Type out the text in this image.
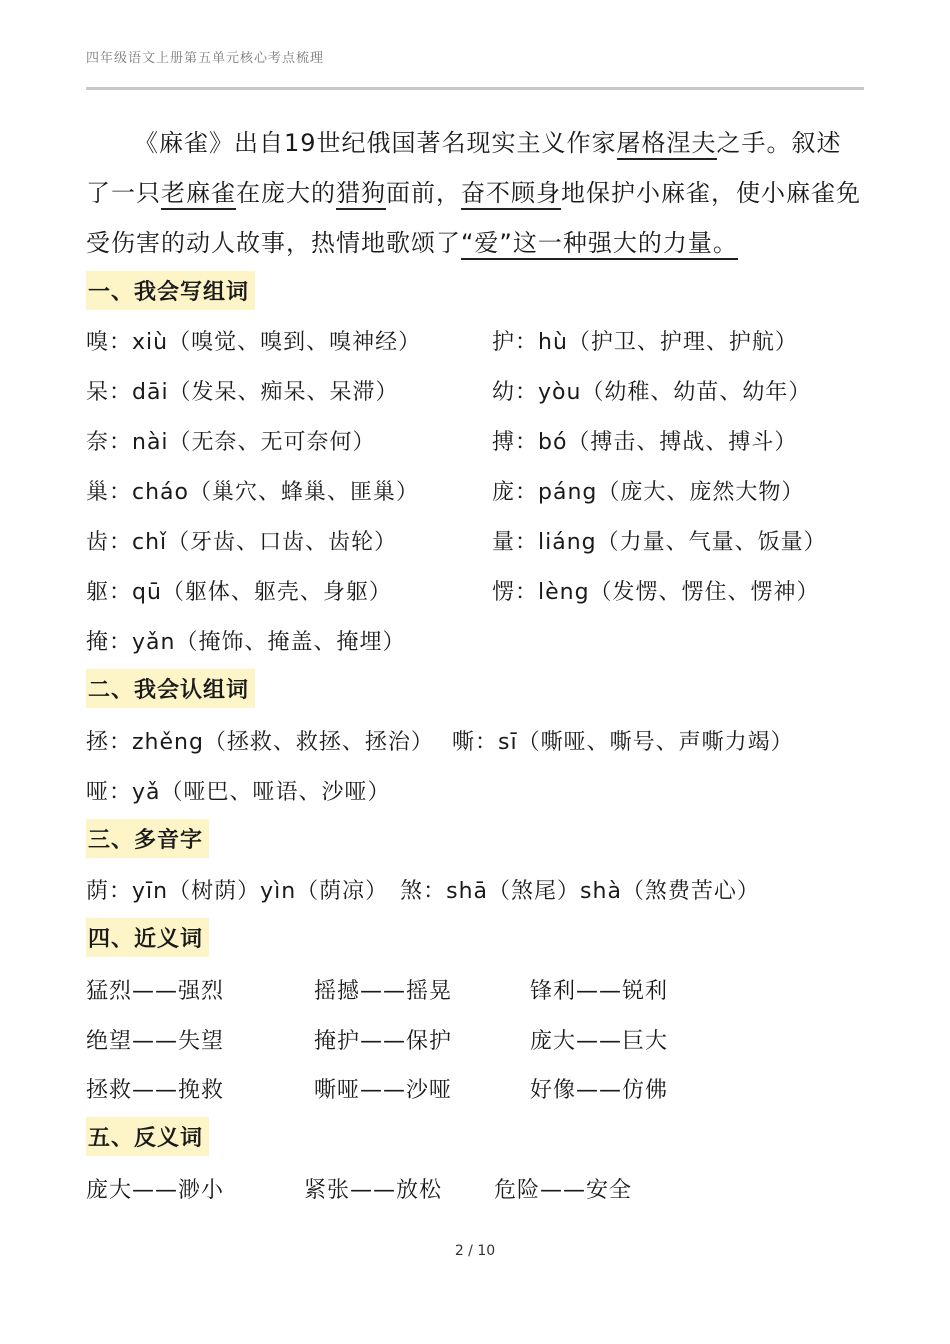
四年级语文上册第五单元核心考点梳理

《麻雀》出自19世纪俄国著名现实主义作家屠格涅夫之手。叙述了一只老麻雀在庞大的猎狗面前，奋不顾身地保护小麻雀，使小麻雀免受伤害的动人故事，热情地歌颂了“爱”这一种强大的力量。

一、我会写组词
嗅：xiù（嗅觉、嗅到、嗅神经）	护：hù（护卫、护理、护航）
呆：dāi（发呆、痴呆、呆滞）	幼：yòu（幼稚、幼苗、幼年）
奈：nài（无奈、无可奈何）	搏：bó（搏击、搏战、搏斗）
巢：cháo（巢穴、蜂巢、匪巢）	庞：páng（庞大、庞然大物）
齿：chǐ（牙齿、口齿、齿轮）	量：liáng（力量、气量、饭量）
躯：qū（躯体、躯壳、身躯）	愣：lèng（发愣、愣住、愣神）
掩：yǎn（掩饰、掩盖、掩埋）
二、我会认组词
拯：zhěng（拯救、救拯、拯治） 嘶：sī（嘶哑、嘶号、声嘶力竭）
哑：yǎ（哑巴、哑语、沙哑）
三、多音字
荫：yīn（树荫）yìn（荫凉）　煞：shā（煞尾）shà（煞费苦心）
四、近义词
猛烈——强烈	摇撼——摇晃	锋利——锐利
绝望——失望	掩护——保护	庞大——巨大
拯救——挽救	嘶哑——沙哑	好像——仿佛
五、反义词
庞大——渺小	紧张——放松 危险——安全
2 / 10
